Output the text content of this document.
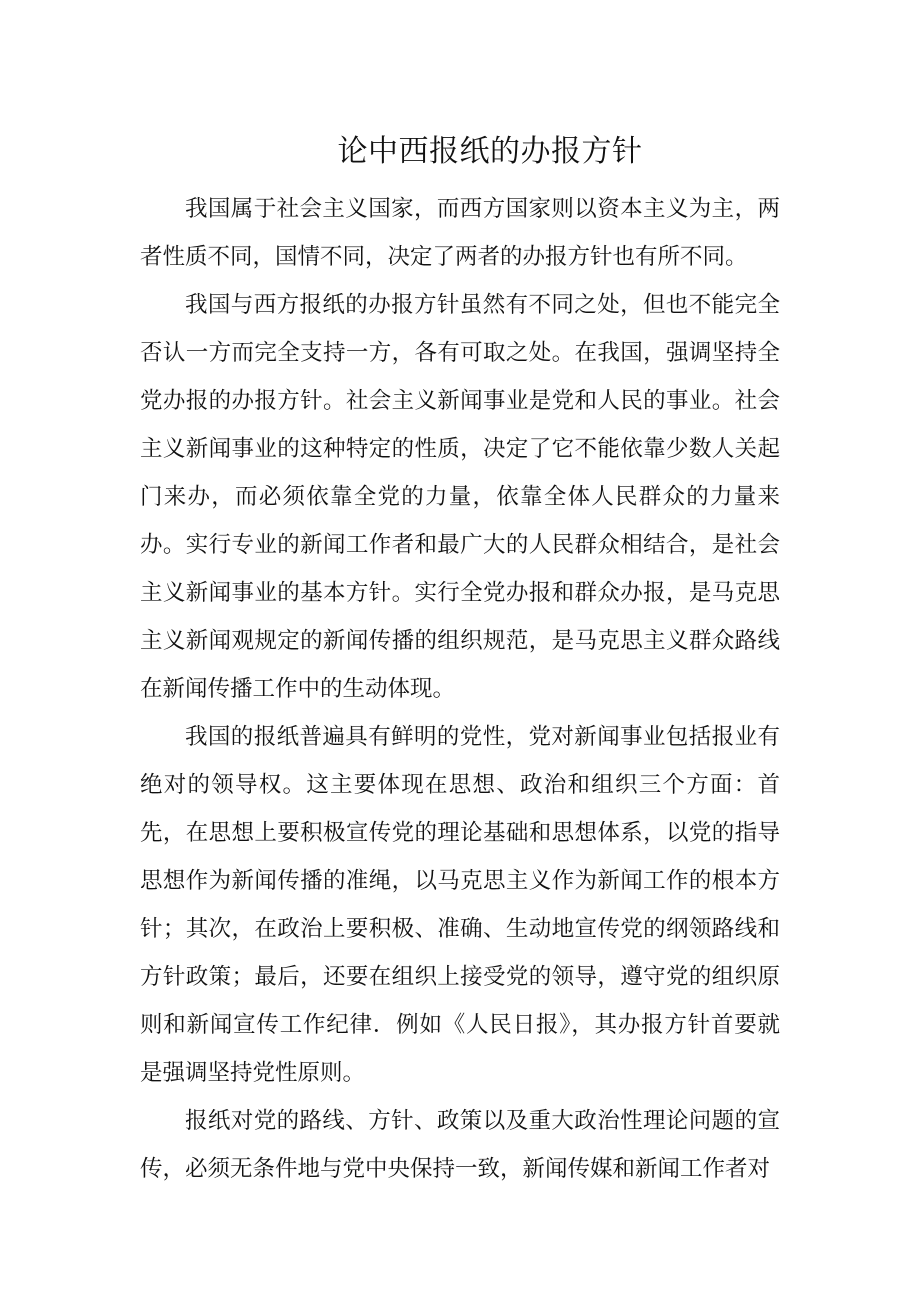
论中西报纸的办报方针

我国属于社会主义国家，而西方国家则以资本主义为主，两者性质不同，国情不同，决定了两者的办报方针也有所不同。

我国与西方报纸的办报方针虽然有不同之处，但也不能完全否认一方而完全支持一方，各有可取之处。在我国，强调坚持全党办报的办报方针。社会主义新闻事业是党和人民的事业。社会主义新闻事业的这种特定的性质，决定了它不能依靠少数人关起门来办，而必须依靠全党的力量，依靠全体人民群众的力量来办。实行专业的新闻工作者和最广大的人民群众相结合，是社会主义新闻事业的基本方针。实行全党办报和群众办报，是马克思主义新闻观规定的新闻传播的组织规范，是马克思主义群众路线在新闻传播工作中的生动体现。

我国的报纸普遍具有鲜明的党性，党对新闻事业包括报业有绝对的领导权。这主要体现在思想、政治和组织三个方面：首先，在思想上要积极宣传党的理论基础和思想体系，以党的指导思想作为新闻传播的准绳，以马克思主义作为新闻工作的根本方针；其次，在政治上要积极、准确、生动地宣传党的纲领路线和方针政策；最后，还要在组织上接受党的领导，遵守党的组织原则和新闻宣传工作纪律．例如《人民日报》，其办报方针首要就是强调坚持党性原则。

报纸对党的路线、方针、政策以及重大政治性理论问题的宣传，必须无条件地与党中央保持一致，新闻传媒和新闻工作者对
